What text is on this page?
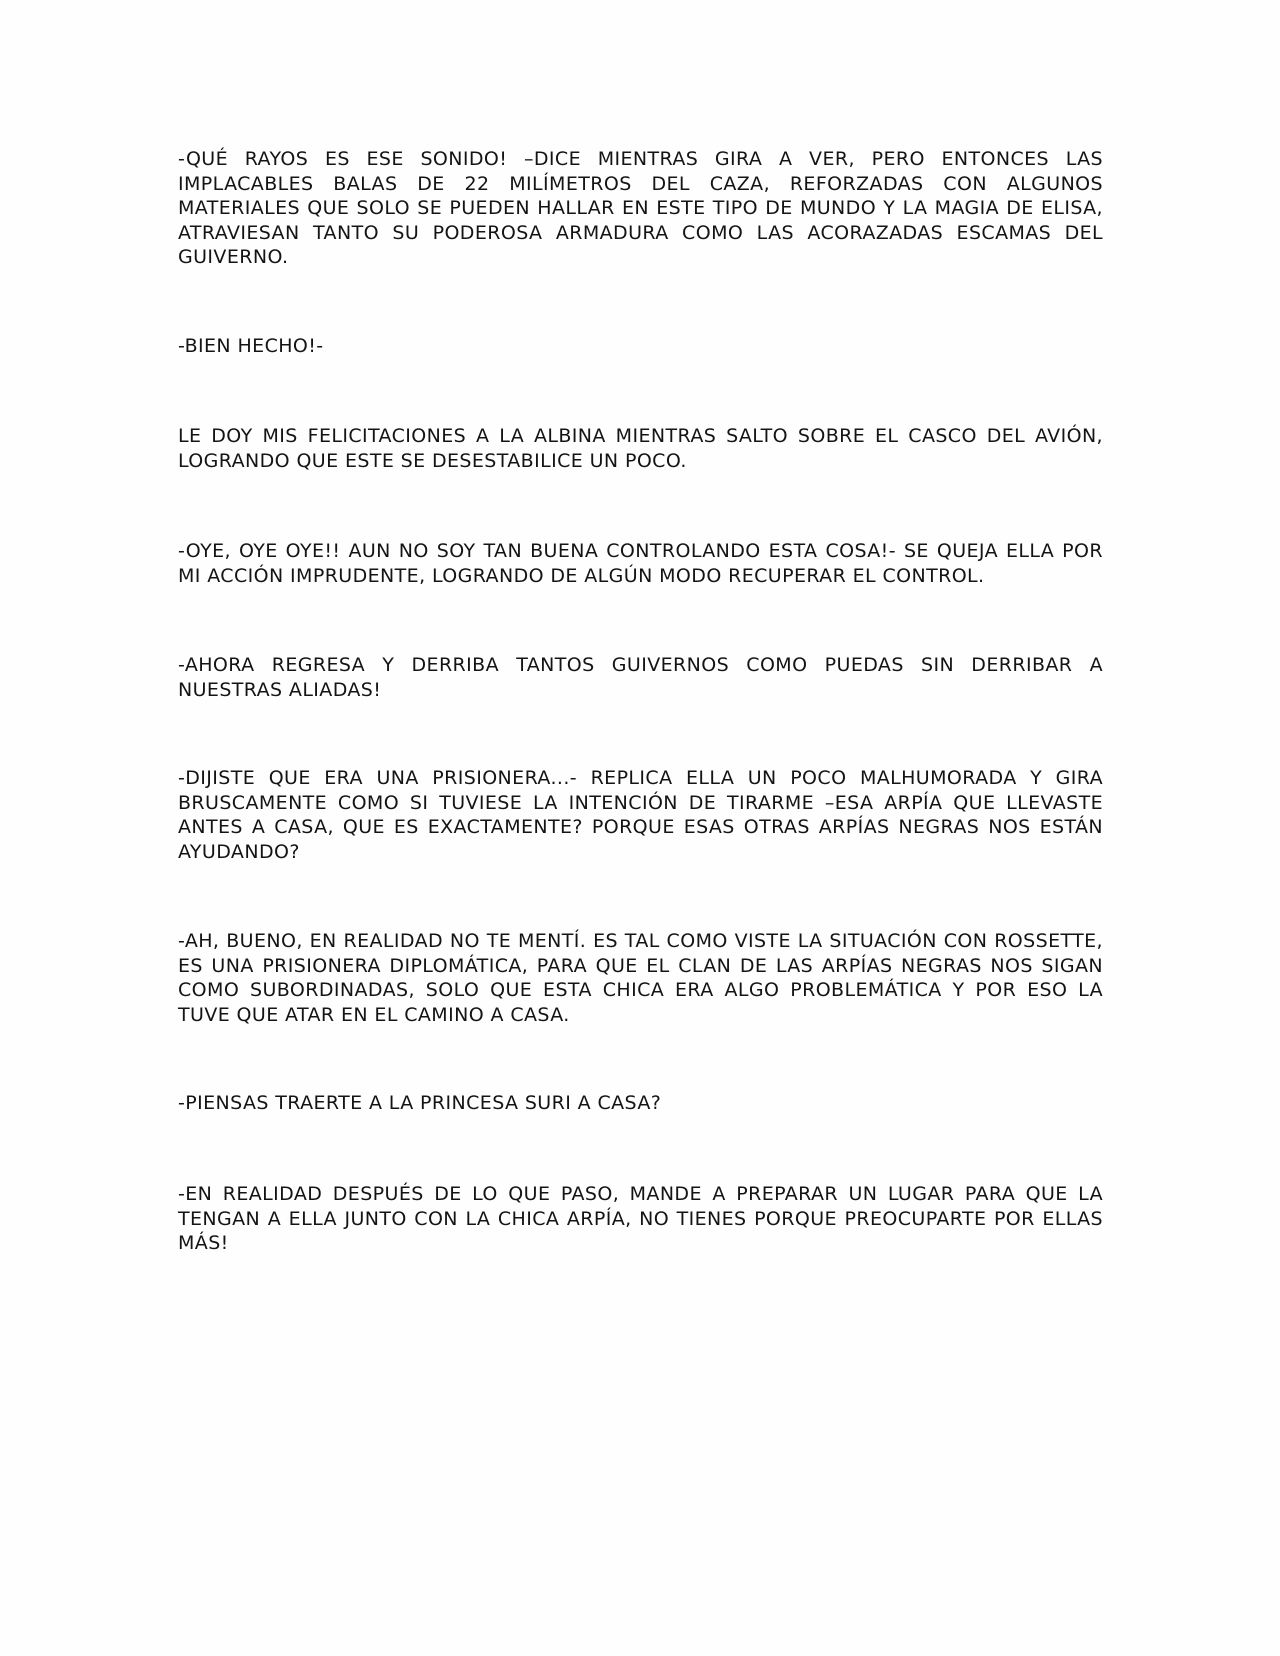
-QUÉ RAYOS ES ESE SONIDO! –DICE MIENTRAS GIRA A VER, PERO ENTONCES LAS IMPLACABLES BALAS DE 22 MILÍMETROS DEL CAZA, REFORZADAS CON ALGUNOS MATERIALES QUE SOLO SE PUEDEN HALLAR EN ESTE TIPO DE MUNDO Y LA MAGIA DE ELISA, ATRAVIESAN TANTO SU PODEROSA ARMADURA COMO LAS ACORAZADAS ESCAMAS DEL GUIVERNO.

-BIEN HECHO!-

LE DOY MIS FELICITACIONES A LA ALBINA MIENTRAS SALTO SOBRE EL CASCO DEL AVIÓN, LOGRANDO QUE ESTE SE DESESTABILICE UN POCO.

-OYE, OYE OYE!! AUN NO SOY TAN BUENA CONTROLANDO ESTA COSA!- SE QUEJA ELLA POR MI ACCIÓN IMPRUDENTE, LOGRANDO DE ALGÚN MODO RECUPERAR EL CONTROL.

-AHORA REGRESA Y DERRIBA TANTOS GUIVERNOS COMO PUEDAS SIN DERRIBAR A NUESTRAS ALIADAS!

-DIJISTE QUE ERA UNA PRISIONERA...- REPLICA ELLA UN POCO MALHUMORADA Y GIRA BRUSCAMENTE COMO SI TUVIESE LA INTENCIÓN DE TIRARME –ESA ARPÍA QUE LLEVASTE ANTES A CASA, QUE ES EXACTAMENTE? PORQUE ESAS OTRAS ARPÍAS NEGRAS NOS ESTÁN AYUDANDO?

-AH, BUENO, EN REALIDAD NO TE MENTÍ. ES TAL COMO VISTE LA SITUACIÓN CON ROSSETTE, ES UNA PRISIONERA DIPLOMÁTICA, PARA QUE EL CLAN DE LAS ARPÍAS NEGRAS NOS SIGAN COMO SUBORDINADAS, SOLO QUE ESTA CHICA ERA ALGO PROBLEMÁTICA Y POR ESO LA TUVE QUE ATAR EN EL CAMINO A CASA.

-PIENSAS TRAERTE A LA PRINCESA SURI A CASA?

-EN REALIDAD DESPUÉS DE LO QUE PASO, MANDE A PREPARAR UN LUGAR PARA QUE LA TENGAN A ELLA JUNTO CON LA CHICA ARPÍA, NO TIENES PORQUE PREOCUPARTE POR ELLAS MÁS!
